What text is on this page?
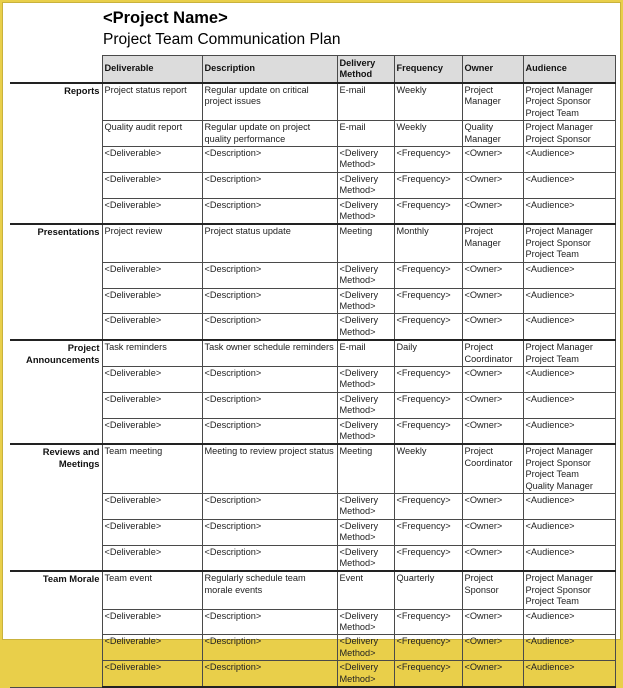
<Project Name>
Project Team Communication Plan
	Deliverable	Description	Delivery Method	Frequency	Owner	Audience
Reports	Project status report	Regular update on critical project issues	E-mail	Weekly	Project Manager	Project Manager
Project Sponsor
Project Team

	Quality audit report	Regular update on project quality performance	E-mail	Weekly	Quality Manager	Project Manager
Project Sponsor

	<Deliverable>	<Description>	<Delivery Method>	<Frequency>	<Owner>	<Audience>

	<Deliverable>	<Description>	<Delivery Method>	<Frequency>	<Owner>	<Audience>

	<Deliverable>	<Description>	<Delivery Method>	<Frequency>	<Owner>	<Audience>

Presentations	Project review	Project status update	Meeting	Monthly	Project Manager	Project Manager
Project Sponsor
Project Team

	<Deliverable>	<Description>	<Delivery Method>	<Frequency>	<Owner>	<Audience>

	<Deliverable>	<Description>	<Delivery Method>	<Frequency>	<Owner>	<Audience>

	<Deliverable>	<Description>	<Delivery Method>	<Frequency>	<Owner>	<Audience>

Project Announcements	Task reminders	Task owner schedule reminders	E-mail	Daily	Project Coordinator	Project Manager
Project Team

	<Deliverable>	<Description>	<Delivery Method>	<Frequency>	<Owner>	<Audience>

	<Deliverable>	<Description>	<Delivery Method>	<Frequency>	<Owner>	<Audience>

	<Deliverable>	<Description>	<Delivery Method>	<Frequency>	<Owner>	<Audience>

Reviews and Meetings	Team meeting	Meeting to review project status	Meeting	Weekly	Project Coordinator	Project Manager
Project Sponsor
Project Team
Quality Manager

	<Deliverable>	<Description>	<Delivery Method>	<Frequency>	<Owner>	<Audience>

	<Deliverable>	<Description>	<Delivery Method>	<Frequency>	<Owner>	<Audience>

	<Deliverable>	<Description>	<Delivery Method>	<Frequency>	<Owner>	<Audience>

Team Morale	Team event	Regularly schedule team morale events	Event	Quarterly	Project Sponsor	Project Manager
Project Sponsor
Project Team

	<Deliverable>	<Description>	<Delivery Method>	<Frequency>	<Owner>	<Audience>

	<Deliverable>	<Description>	<Delivery Method>	<Frequency>	<Owner>	<Audience>

	<Deliverable>	<Description>	<Delivery Method>	<Frequency>	<Owner>	<Audience>
